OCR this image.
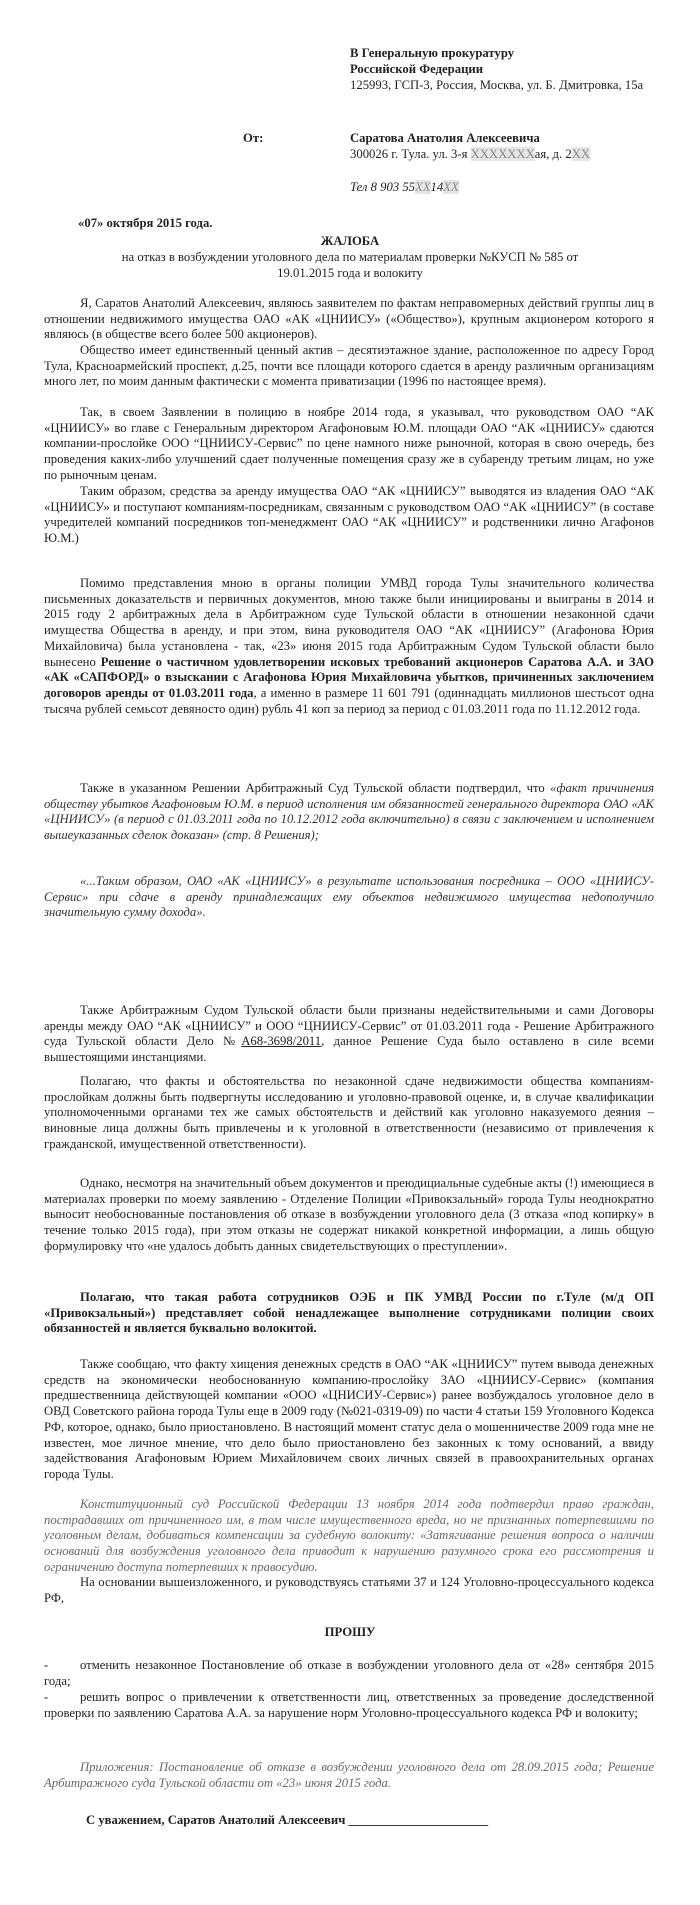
В Генеральную прокуратуру
Российской Федерации
125993, ГСП-3, Россия, Москва, ул. Б. Дмитровка, 15а
От:	Саратова Анатолия Алексеевича
300026 г. Тула. ул. 3-я XXXXXXXая, д. 2XX
Тел 8 903 55XX14XX
«07» октября 2015 года.
ЖАЛОБА
на отказ в возбуждении уголовного дела по материалам проверки №КУСП № 585 от
19.01.2015 года и волокиту
Я, Саратов Анатолий Алексеевич, являюсь заявителем по фактам неправомерных действий группы лиц в отношении недвижимого имущества ОАО «АК «ЦНИИСУ» («Общество»), крупным акционером которого я являюсь (в обществе всего более 500 акционеров).
Общество имеет единственный ценный актив – десятиэтажное здание, расположенное по адресу Город Тула, Красноармейский проспект, д.25, почти все площади которого сдается в аренду различным организациям много лет, по моим данным фактически с момента приватизации (1996 по настоящее время).
Так, в своем Заявлении в полицию в ноябре 2014 года, я указывал, что руководством ОАО “АК «ЦНИИСУ» во главе с Генеральным директором Агафоновым Ю.М. площади ОАО “АК «ЦНИИСУ» сдаются компании-прослойке ООО “ЦНИИСУ-Сервис” по цене намного ниже рыночной, которая в свою очередь, без проведения каких-либо улучшений сдает полученные помещения сразу же в субаренду третьим лицам, но уже по рыночным ценам.
Таким образом, средства за аренду имущества ОАО “АК «ЦНИИСУ” выводятся из владения ОАО “АК «ЦНИИСУ» и поступают компаниям-посредникам, связанным с руководством ОАО “АК «ЦНИИСУ” (в составе учредителей компаний посредников топ-менеджмент ОАО “АК «ЦНИИСУ” и родственники лично Агафонов Ю.М.)
Помимо представления мною в органы полиции УМВД города Тулы значительного количества письменных доказательств и первичных документов, мною также были инициированы и выиграны в 2014 и 2015 году 2 арбитражных дела в Арбитражном суде Тульской области в отношении незаконной сдачи имущества Общества в аренду, и при этом, вина руководителя ОАО “АК «ЦНИИСУ” (Агафонова Юрия Михайловича) была установлена - так, «23» июня 2015 года Арбитражным Судом Тульской области было вынесено Решение о частичном удовлетворении исковых требований акционеров Саратова А.А. и ЗАО «АК «САПФОРД» о взыскании с Агафонова Юрия Михайловича убытков, причиненных заключением договоров аренды от 01.03.2011 года, а именно в размере 11 601 791 (одиннадцать миллионов шестьсот одна тысяча рублей семьсот девяносто один) рубль 41 коп за период за период с 01.03.2011 года по 11.12.2012 года.
Также в указанном Решении Арбитражный Суд Тульской области подтвердил, что «факт причинения обществу убытков Агафоновым Ю.М. в период исполнения им обязанностей генерального директора ОАО «АК «ЦНИИСУ» (в период с 01.03.2011 года по 10.12.2012 года включительно) в связи с заключением и исполнением вышеуказанных сделок доказан» (стр. 8 Решения);
«...Таким образом, ОАО «АК «ЦНИИСУ» в результате использования посредника – ООО «ЦНИИСУ-Сервис» при сдаче в аренду принадлежащих ему объектов недвижимого имущества недополучило значительную сумму дохода».
Также Арбитражным Судом Тульской области были признаны недействительными и сами Договоры аренды между ОАО “АК «ЦНИИСУ” и ООО “ЦНИИСУ-Сервис” от 01.03.2011 года - Решение Арбитражного суда Тульской области Дело №А68-3698/2011, данное Решение Суда было оставлено в силе всеми вышестоящими инстанциями.
Полагаю, что факты и обстоятельства по незаконной сдаче недвижимости общества компаниям-прослойкам должны быть подвергнуты исследованию и уголовно-правовой оценке, и, в случае квалификации уполномоченными органами тех же самых обстоятельств и действий как уголовно наказуемого деяния – виновные лица должны быть привлечены и к уголовной в ответственности (независимо от привлечения к гражданской, имущественной ответственности).
Однако, несмотря на значительный объем документов и преюдициальные судебные акты (!) имеющиеся в материалах проверки по моему заявлению - Отделение Полиции «Привокзальный» города Тулы неоднократно выносит необоснованные постановления об отказе в возбуждении уголовного дела (3 отказа «под копирку» в течение только 2015 года), при этом отказы не содержат никакой конкретной информации, а лишь общую формулировку что «не удалось добыть данных свидетельствующих о преступлении».
Полагаю, что такая работа сотрудников ОЭБ и ПК УМВД России по г.Туле (м/д ОП «Привокзальный») представляет собой ненадлежащее выполнение сотрудниками полиции своих обязанностей и является буквально волокитой.
Также сообщаю, что факту хищения денежных средств в ОАО “АК «ЦНИИСУ” путем вывода денежных средств на экономически необоснованную компанию-прослойку ЗАО «ЦНИИСУ-Сервис» (компания предшественница действующей компании «ООО «ЦНИСИУ-Сервис») ранее возбуждалось уголовное дело в ОВД Советского района города Тулы еще в 2009 году (№021-0319-09) по части 4 статьи 159 Уголовного Кодекса РФ, которое, однако, было приостановлено. В настоящий момент статус дела о мошенничестве 2009 года мне не известен, мое личное мнение, что дело было приостановлено без законных к тому оснований, а ввиду задействования Агафоновым Юрием Михайловичем своих личных связей в правоохранительных органах города Тулы.
Конституционный суд Российской Федерации 13 ноября 2014 года подтвердил право граждан, пострадавших от причиненного им, в том числе имущественного вреда, но не признанных потерпевшими по уголовным делам, добиваться компенсации за судебную волокиту: «Затягивание решения вопроса о наличии оснований для возбуждения уголовного дела приводит к нарушению разумного срока его рассмотрения и ограничению доступа потерпевших к правосудию.
На основании вышеизложенного, и руководствуясь статьями 37 и 124 Уголовно-процессуального кодекса РФ,
ПРОШУ
-	отменить незаконное Постановление об отказе в возбуждении уголовного дела от «28» сентября 2015 года;
-	решить вопрос о привлечении к ответственности лиц, ответственных за проведение доследственной проверки по заявлению Саратова А.А. за нарушение норм Уголовно-процессуального кодекса РФ и волокиту;
Приложения: Постановление об отказе в возбуждении уголовного дела от 28.09.2015 года; Решение Арбитражного суда Тульской области от «23» июня 2015 года.
С уважением, Саратов Анатолий Алексеевич ______________________
